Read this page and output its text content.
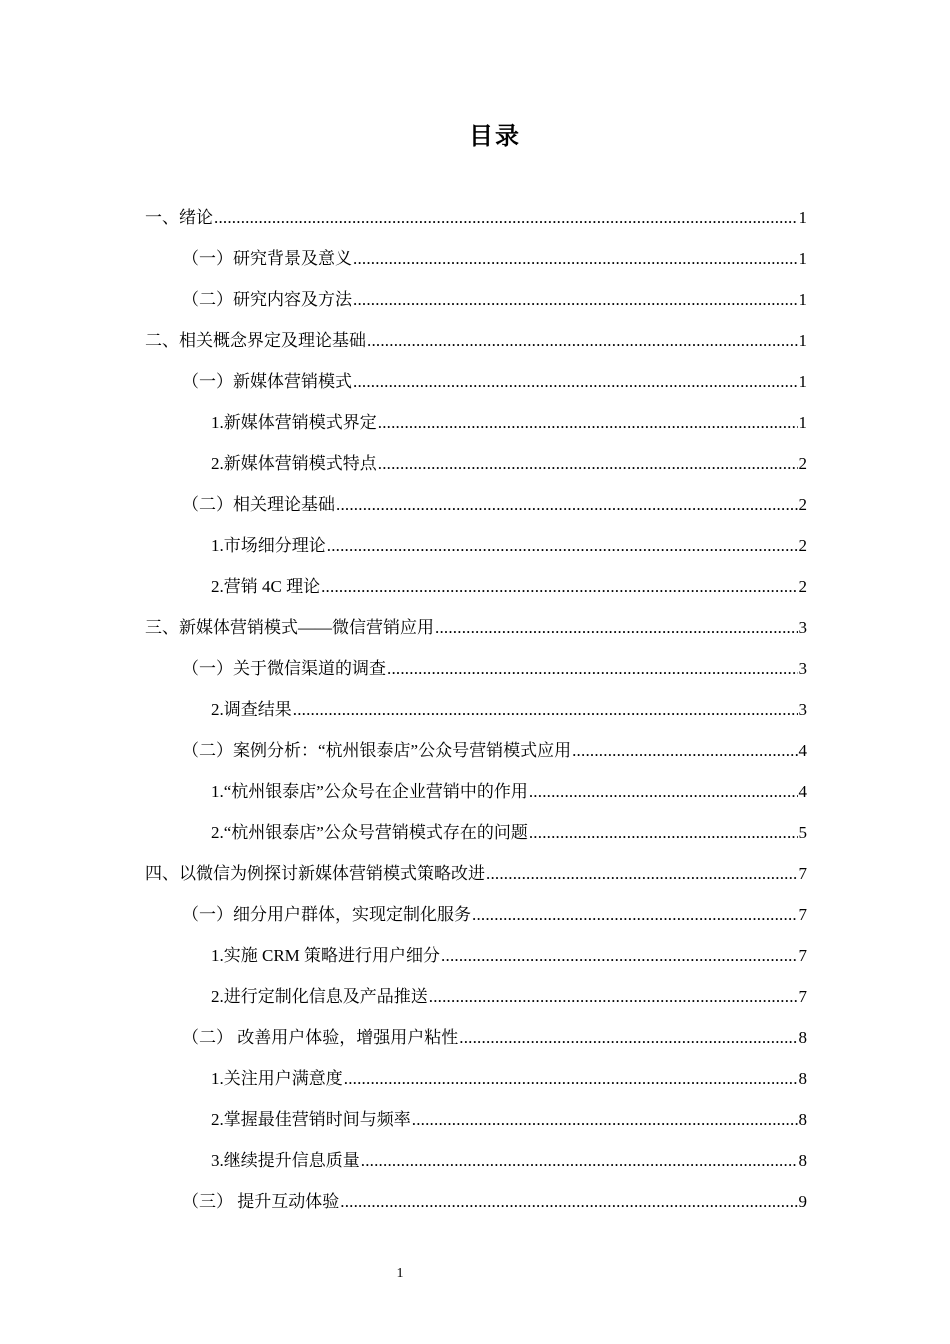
目录
一、绪论 .....	1
（一）研究背景及意义 .....	1
（二）研究内容及方法 .....	1
二、相关概念界定及理论基础 .....	1
（一）新媒体营销模式 .....	1
1.新媒体营销模式界定 .....	1
2.新媒体营销模式特点 .....	2
（二）相关理论基础 .....	2
1.市场细分理论 .....	2
2.营销 4C 理论 .....	2
三、新媒体营销模式——微信营销应用 .....	3
（一）关于微信渠道的调查 .....	3
2.调查结果 .....	3
（二）案例分析：“杭州银泰店”公众号营销模式应用 .....	4
1.“杭州银泰店”公众号在企业营销中的作用 .....	4
2.“杭州银泰店”公众号营销模式存在的问题 .....	5
四、以微信为例探讨新媒体营销模式策略改进 .....	7
（一）细分用户群体，实现定制化服务 .....	7
1.实施 CRM 策略进行用户细分 .....	7
2.进行定制化信息及产品推送 .....	7
（二） 改善用户体验，增强用户粘性 .....	8
1.关注用户满意度 .....	8
2.掌握最佳营销时间与频率 .....	8
3.继续提升信息质量 .....	8
（三） 提升互动体验 .....	9
1
